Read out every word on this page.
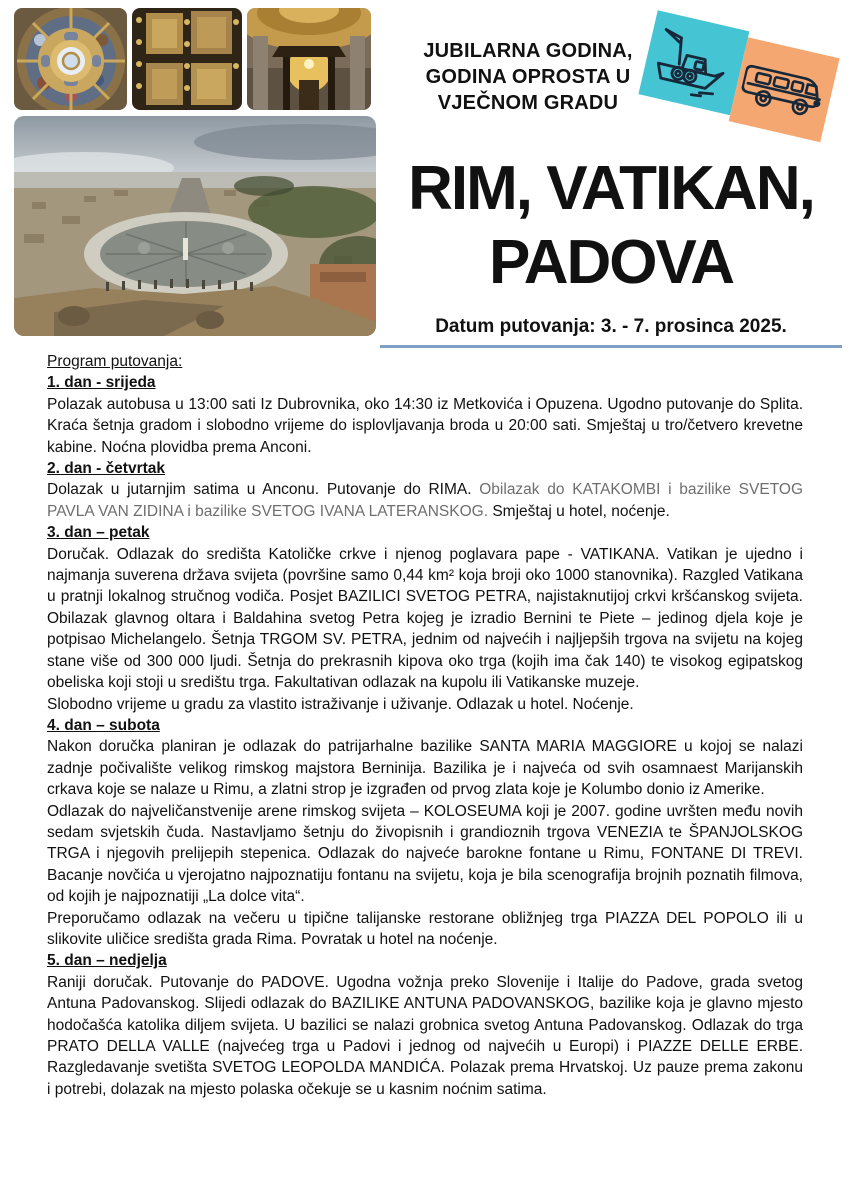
JUBILARNA GODINA,
GODINA OPROSTA U
VJEČNOM GRADU
RIM, VATIKAN,
PADOVA
Datum putovanja: 3. - 7. prosinca 2025.
Program putovanja:
1. dan - srijeda

Polazak autobusa u 13:00 sati Iz Dubrovnika, oko 14:30 iz Metkovića i Opuzena. Ugodno putovanje do Splita. Kraća šetnja gradom i slobodno vrijeme do isplovljavanja broda u 20:00 sati. Smještaj u tro/četvero krevetne kabine. Noćna plovidba prema Anconi.

2. dan - četvrtak

Dolazak u jutarnjim satima u Anconu. Putovanje do RIMA. Obilazak do KATAKOMBI i bazilike SVETOG PAVLA VAN ZIDINA i bazilike SVETOG IVANA LATERANSKOG. Smještaj u hotel, noćenje.

3. dan – petak

Doručak. Odlazak do središta Katoličke crkve i njenog poglavara pape - VATIKANA. Vatikan je ujedno i najmanja suverena država svijeta (površine samo 0,44 km² koja broji oko 1000 stanovnika). Razgled Vatikana u pratnji lokalnog stručnog vodiča. Posjet BAZILICI SVETOG PETRA, najistaknutijoj crkvi kršćanskog svijeta. Obilazak glavnog oltara i Baldahina svetog Petra kojeg je izradio Bernini te Piete – jedinog djela koje je potpisao Michelangelo. Šetnja TRGOM SV. PETRA, jednim od najvećih i najljepših trgova na svijetu na kojeg stane više od 300 000 ljudi. Šetnja do prekrasnih kipova oko trga (kojih ima čak 140) te visokog egipatskog obeliska koji stoji u središtu trga. Fakultativan odlazak na kupolu ili Vatikanske muzeje.

Slobodno vrijeme u gradu za vlastito istraživanje i uživanje. Odlazak u hotel. Noćenje.

4. dan – subota

Nakon doručka planiran je odlazak do patrijarhalne bazilike SANTA MARIA MAGGIORE u kojoj se nalazi zadnje počivalište velikog rimskog majstora Berninija. Bazilika je i najveća od svih osamnaest Marijanskih crkava koje se nalaze u Rimu, a zlatni strop je izgrađen od prvog zlata koje je Kolumbo donio iz Amerike.

Odlazak do najveličanstvenije arene rimskog svijeta – KOLOSEUMA koji je 2007. godine uvršten među novih sedam svjetskih čuda. Nastavljamo šetnju do živopisnih i grandioznih trgova VENEZIA te ŠPANJOLSKOG TRGA i njegovih prelijepih stepenica. Odlazak do najveće barokne fontane u Rimu, FONTANE DI TREVI. Bacanje novčića u vjerojatno najpoznatiju fontanu na svijetu, koja je bila scenografija brojnih poznatih filmova, od kojih je najpoznatiji „La dolce vita“.

Preporučamo odlazak na večeru u tipične talijanske restorane obližnjeg trga PIAZZA DEL POPOLO ili u slikovite uličice središta grada Rima. Povratak u hotel na noćenje.

5. dan – nedjelja

Raniji doručak. Putovanje do PADOVE. Ugodna vožnja preko Slovenije i Italije do Padove, grada svetog Antuna Padovanskog. Slijedi odlazak do BAZILIKE ANTUNA PADOVANSKOG, bazilike koja je glavno mjesto hodočašća katolika diljem svijeta. U bazilici se nalazi grobnica svetog Antuna Padovanskog. Odlazak do trga PRATO DELLA VALLE (najvećeg trga u Padovi i jednog od najvećih u Europi) i PIAZZE DELLE ERBE. Razgledavanje svetišta SVETOG LEOPOLDA MANDIĆA. Polazak prema Hrvatskoj. Uz pauze prema zakonu i potrebi, dolazak na mjesto polaska očekuje se u kasnim noćnim satima.
